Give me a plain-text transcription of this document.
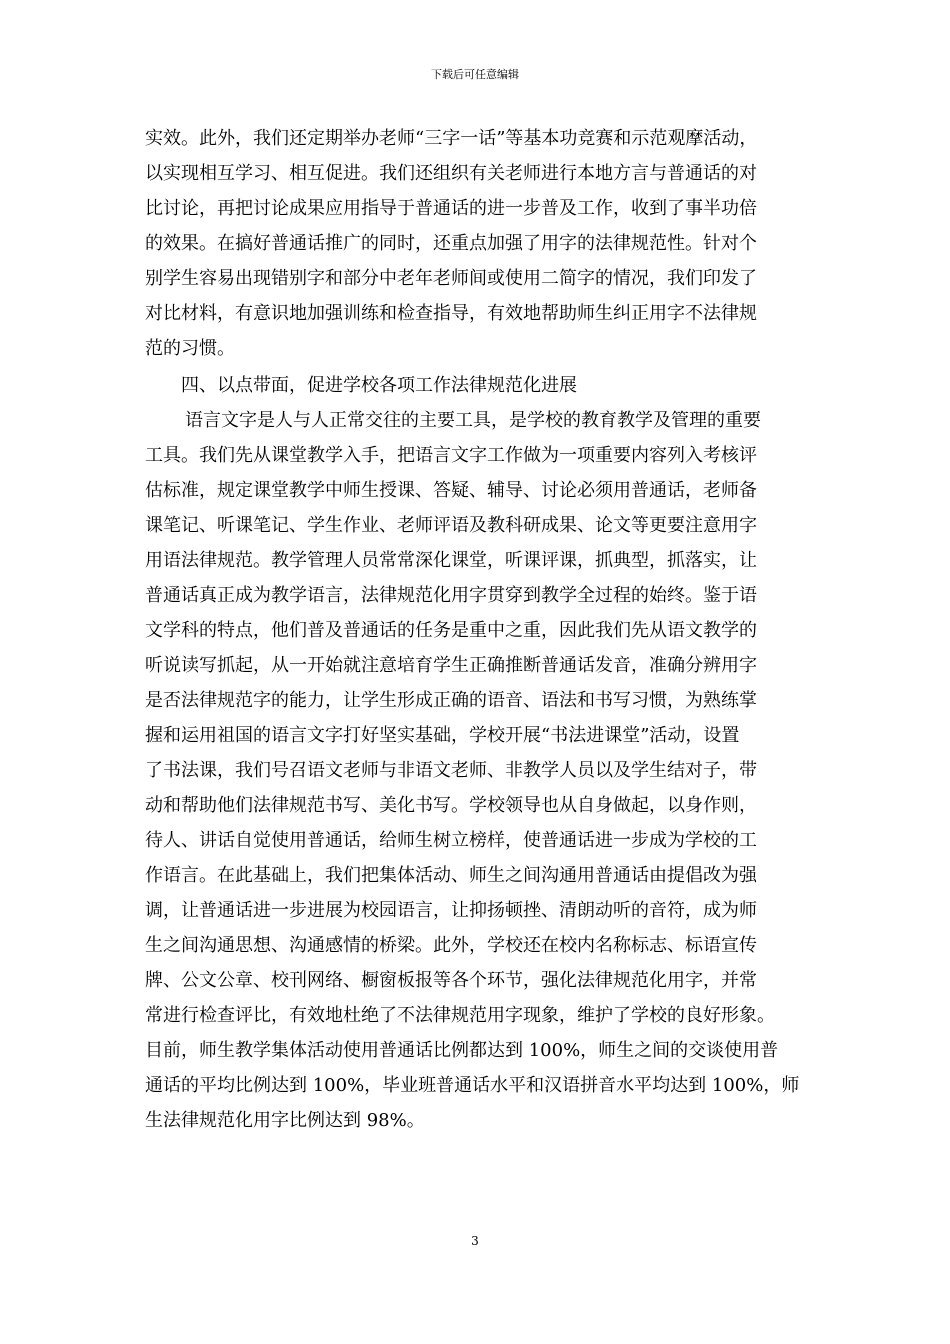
下载后可任意编辑
实效。此外，我们还定期举办老师“三字一话”等基本功竞赛和示范观摩活动，
以实现相互学习、相互促进。我们还组织有关老师进行本地方言与普通话的对
比讨论，再把讨论成果应用指导于普通话的进一步普及工作，收到了事半功倍
的效果。在搞好普通话推广的同时，还重点加强了用字的法律规范性。针对个
别学生容易出现错别字和部分中老年老师间或使用二简字的情况，我们印发了
对比材料，有意识地加强训练和检查指导，有效地帮助师生纠正用字不法律规
范的习惯。
四、以点带面，促进学校各项工作法律规范化进展
语言文字是人与人正常交往的主要工具，是学校的教育教学及管理的重要
工具。我们先从课堂教学入手，把语言文字工作做为一项重要内容列入考核评
估标准，规定课堂教学中师生授课、答疑、辅导、讨论必须用普通话，老师备
课笔记、听课笔记、学生作业、老师评语及教科研成果、论文等更要注意用字
用语法律规范。教学管理人员常常深化课堂，听课评课，抓典型，抓落实，让
普通话真正成为教学语言，法律规范化用字贯穿到教学全过程的始终。鉴于语
文学科的特点，他们普及普通话的任务是重中之重，因此我们先从语文教学的
听说读写抓起，从一开始就注意培育学生正确推断普通话发音，准确分辨用字
是否法律规范字的能力，让学生形成正确的语音、语法和书写习惯，为熟练掌
握和运用祖国的语言文字打好坚实基础，学校开展“书法进课堂”活动，设置
了书法课，我们号召语文老师与非语文老师、非教学人员以及学生结对子，带
动和帮助他们法律规范书写、美化书写。学校领导也从自身做起，以身作则，
待人、讲话自觉使用普通话，给师生树立榜样，使普通话进一步成为学校的工
作语言。在此基础上，我们把集体活动、师生之间沟通用普通话由提倡改为强
调，让普通话进一步进展为校园语言，让抑扬顿挫、清朗动听的音符，成为师
生之间沟通思想、沟通感情的桥梁。此外，学校还在校内名称标志、标语宣传
牌、公文公章、校刊网络、橱窗板报等各个环节，强化法律规范化用字，并常
常进行检查评比，有效地杜绝了不法律规范用字现象，维护了学校的良好形象。
目前，师生教学集体活动使用普通话比例都达到 100%，师生之间的交谈使用普
通话的平均比例达到 100%，毕业班普通话水平和汉语拼音水平均达到 100%，师
生法律规范化用字比例达到 98%。
3
